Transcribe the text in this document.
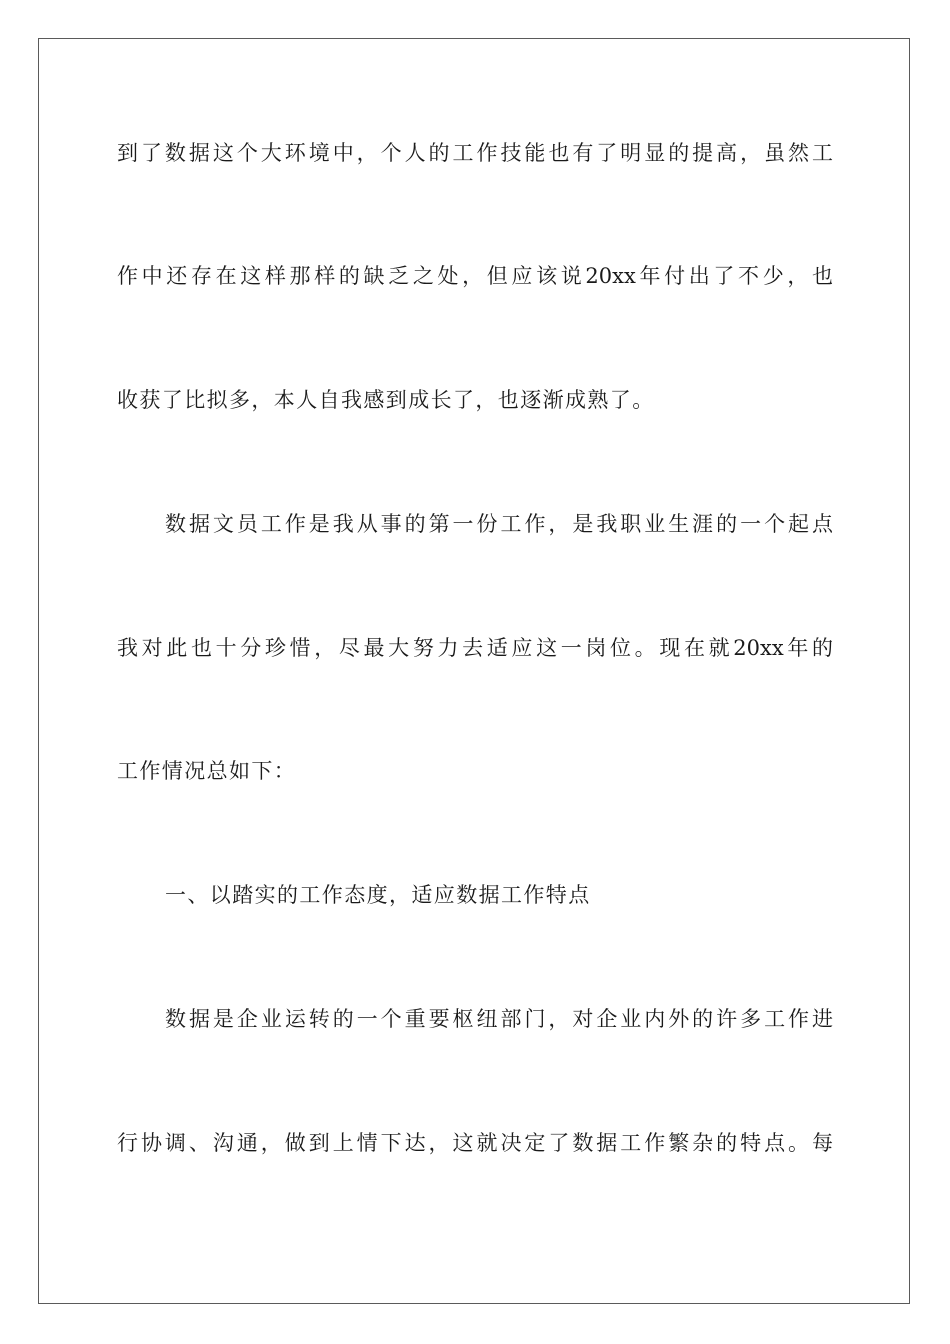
到了数据这个大环境中，个人的工作技能也有了明显的提高，虽然工
作中还存在这样那样的缺乏之处，但应该说20xx年付出了不少，也
收获了比拟多，本人自我感到成长了，也逐渐成熟了。
数据文员工作是我从事的第一份工作，是我职业生涯的一个起点
我对此也十分珍惜，尽最大努力去适应这一岗位。现在就20xx年的
工作情况总如下：
一、以踏实的工作态度，适应数据工作特点
数据是企业运转的一个重要枢纽部门，对企业内外的许多工作进
行协调、沟通，做到上情下达，这就决定了数据工作繁杂的特点。每
